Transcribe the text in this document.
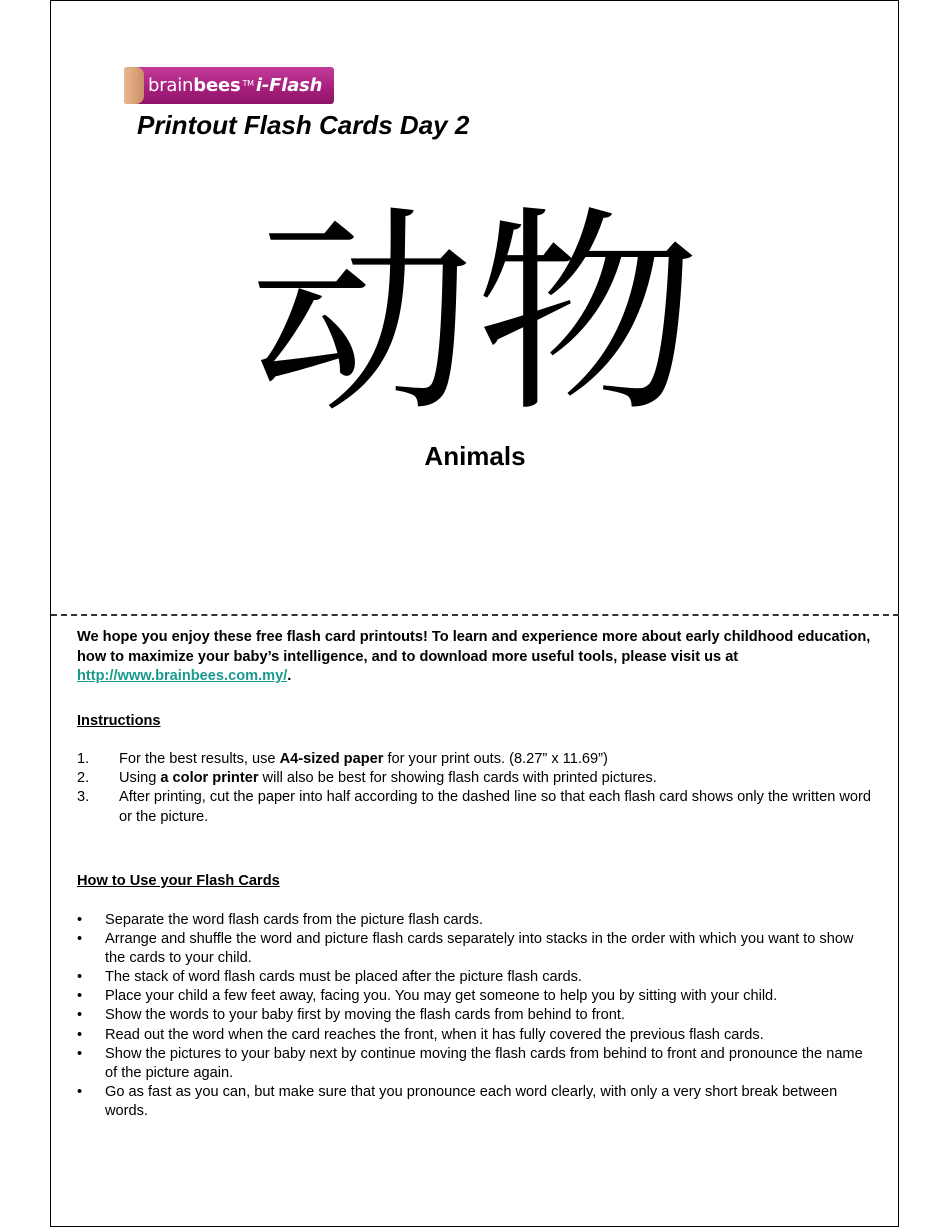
brain bees TM i-Flash
Printout Flash Cards Day 2
动物
Animals
We hope you enjoy these free flash card printouts! To learn and experience more about early childhood education, how to maximize your baby’s intelligence, and to download more useful tools, please visit us at http://www.brainbees.com.my/.
Instructions
1. For the best results, use A4-sized paper for your print outs. (8.27” x 11.69”)
2. Using a color printer will also be best for showing flash cards with printed pictures.
3. After printing, cut the paper into half according to the dashed line so that each flash card shows only the written word or the picture.
How to Use your Flash Cards
• Separate the word flash cards from the picture flash cards.
• Arrange and shuffle the word and picture flash cards separately into stacks in the order with which you want to show the cards to your child.
• The stack of word flash cards must be placed after the picture flash cards.
• Place your child a few feet away, facing you. You may get someone to help you by sitting with your child.
• Show the words to your baby first by moving the flash cards from behind to front.
• Read out the word when the card reaches the front, when it has fully covered the previous flash cards.
• Show the pictures to your baby next by continue moving the flash cards from behind to front and pronounce the name of the picture again.
• Go as fast as you can, but make sure that you pronounce each word clearly, with only a very short break between words.
